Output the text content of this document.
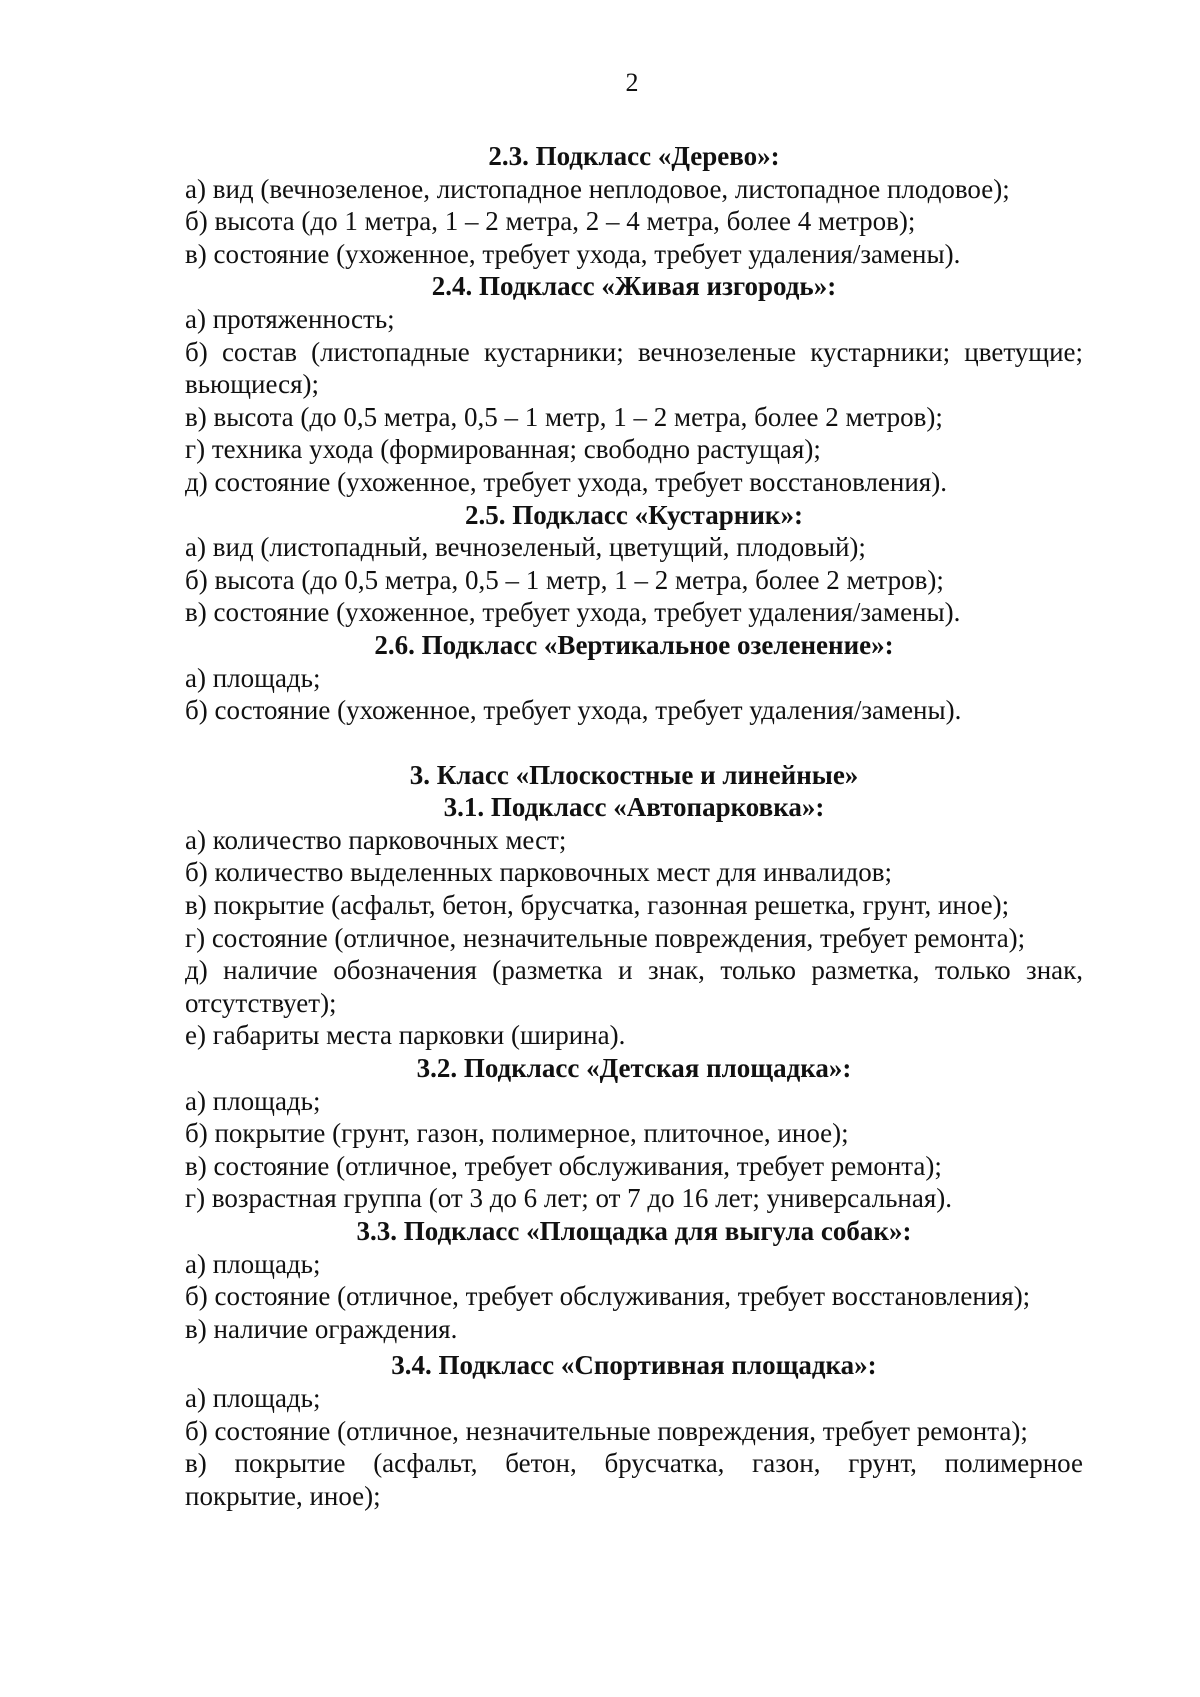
2
2.3. Подкласс «Дерево»:
а) вид (вечнозеленое, листопадное неплодовое, листопадное плодовое);
б) высота (до 1 метра, 1 – 2 метра, 2 – 4 метра, более 4 метров);
в) состояние (ухоженное, требует ухода, требует удаления/замены).
2.4. Подкласс «Живая изгородь»:
а) протяженность;
б) состав (листопадные кустарники; вечнозеленые кустарники; цветущие;
вьющиеся);
в) высота (до 0,5 метра, 0,5 – 1 метр, 1 – 2 метра, более 2 метров);
г) техника ухода (формированная; свободно растущая);
д) состояние (ухоженное, требует ухода, требует восстановления).
2.5. Подкласс «Кустарник»:
а) вид (листопадный, вечнозеленый, цветущий, плодовый);
б) высота (до 0,5 метра, 0,5 – 1 метр, 1 – 2 метра, более 2 метров);
в) состояние (ухоженное, требует ухода, требует удаления/замены).
2.6. Подкласс «Вертикальное озеленение»:
а) площадь;
б) состояние (ухоженное, требует ухода, требует удаления/замены).
3. Класс «Плоскостные и линейные»
3.1. Подкласс «Автопарковка»:
а) количество парковочных мест;
б) количество выделенных парковочных мест для инвалидов;
в) покрытие (асфальт, бетон, брусчатка, газонная решетка, грунт, иное);
г) состояние (отличное, незначительные повреждения, требует ремонта);
д) наличие обозначения (разметка и знак, только разметка, только знак,
отсутствует);
е) габариты места парковки (ширина).
3.2. Подкласс «Детская площадка»:
а) площадь;
б) покрытие (грунт, газон, полимерное, плиточное, иное);
в) состояние (отличное, требует обслуживания, требует ремонта);
г) возрастная группа (от 3 до 6 лет; от 7 до 16 лет; универсальная).
3.3. Подкласс «Площадка для выгула собак»:
а) площадь;
б) состояние (отличное, требует обслуживания, требует восстановления);
в) наличие ограждения.
3.4. Подкласс «Спортивная площадка»:
а) площадь;
б) состояние (отличное, незначительные повреждения, требует ремонта);
в) покрытие (асфальт, бетон, брусчатка, газон, грунт, полимерное
покрытие, иное);
